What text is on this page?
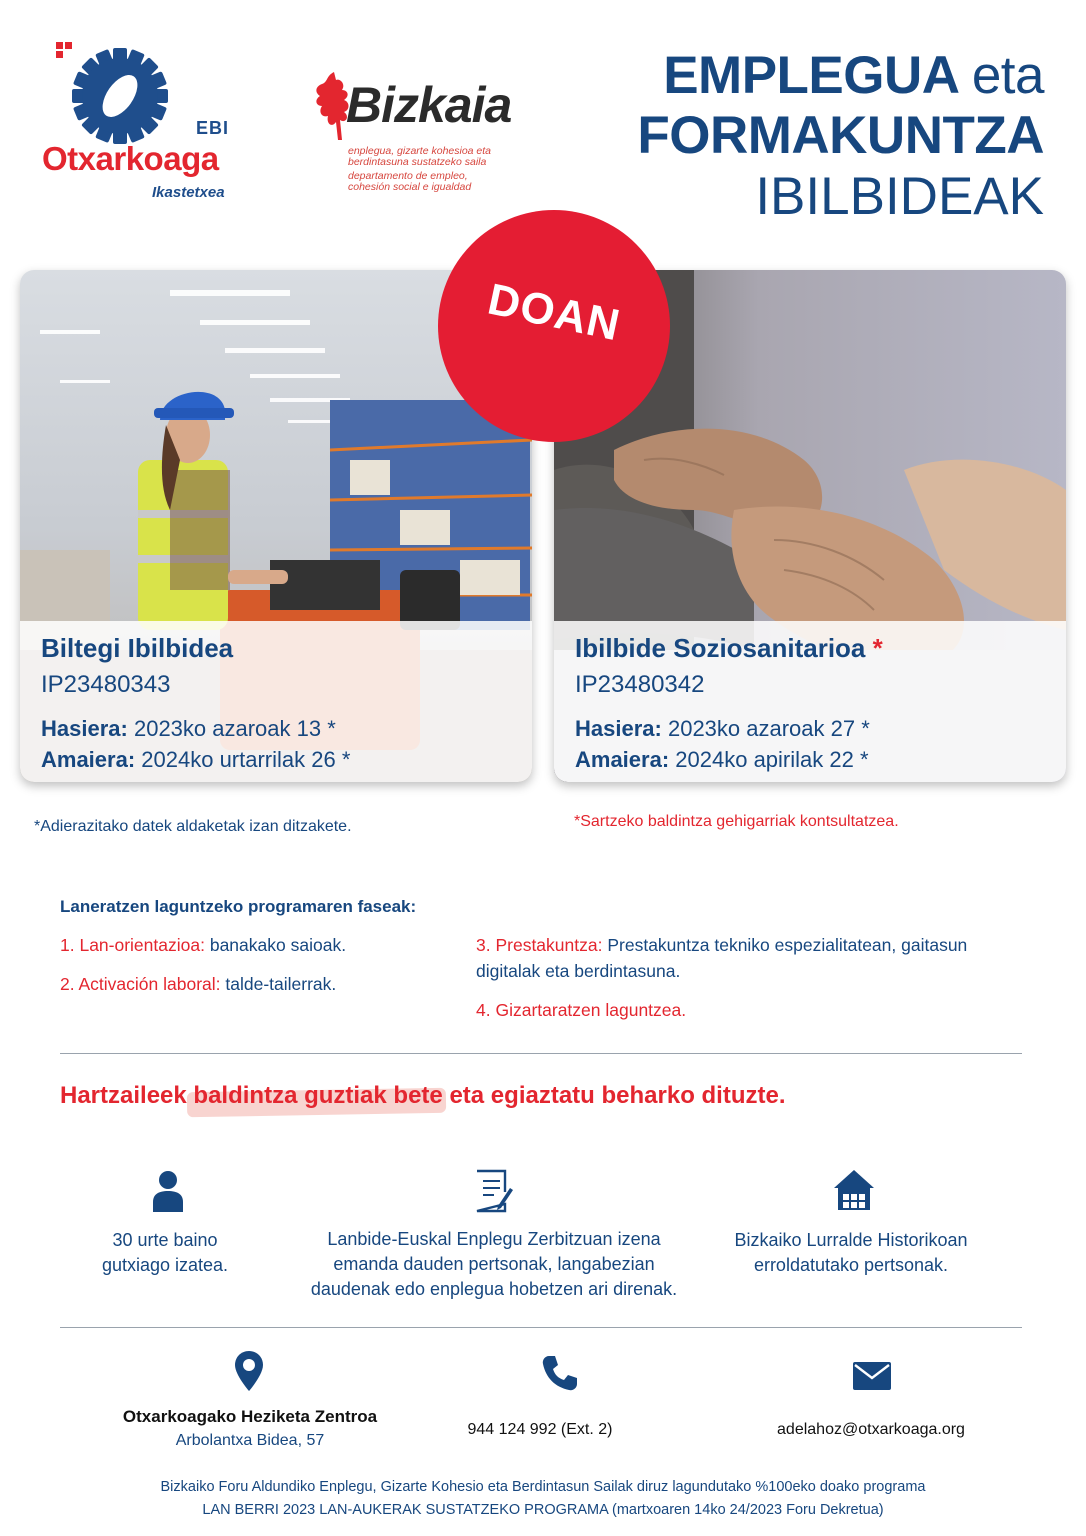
EBI
Otxarkoaga
Ikastetxea
Bizkaia
enplegua, gizarte kohesioa eta
berdintasuna sustatzeko saila
departamento de empleo,
cohesión social e igualdad
EMPLEGUA eta
FORMAKUNTZA
IBILBIDEAK
Biltegi Ibilbidea
IP23480343
Hasiera: 2023ko azaroak 13 *
Amaiera: 2024ko urtarrilak 26 *
Ibilbide Soziosanitarioa *
IP23480342
Hasiera: 2023ko azaroak 27 *
Amaiera: 2024ko apirilak 22 *
DOAN
*Adierazitako datek aldaketak izan ditzakete.	*Sartzeko baldintza gehigarriak kontsultatzea.
Laneratzen laguntzeko programaren faseak:
1. Lan-orientazioa: banakako saioak.
2. Activación laboral: talde-tailerrak.
3. Prestakuntza: Prestakuntza tekniko espezialitatean, gaitasun digitalak eta berdintasuna.
4. Gizartaratzen laguntzea.
Hartzaileek baldintza guztiak bete eta egiaztatu beharko dituzte.
30 urte baino gutxiago izatea.
Lanbide-Euskal Enplegu Zerbitzuan izena emanda dauden pertsonak, langabezian daudenak edo enplegua hobetzen ari direnak.
Bizkaiko Lurralde Historikoan erroldatutako pertsonak.
Otxarkoagako Heziketa Zentroa
Arbolantxa Bidea, 57
944 124 992 (Ext. 2)	adelahoz@otxarkoaga.org
Bizkaiko Foru Aldundiko Enplegu, Gizarte Kohesio eta Berdintasun Sailak diruz lagundutako %100eko doako programa
LAN BERRI 2023 LAN-AUKERAK SUSTATZEKO PROGRAMA (martxoaren 14ko 24/2023 Foru Dekretua)
